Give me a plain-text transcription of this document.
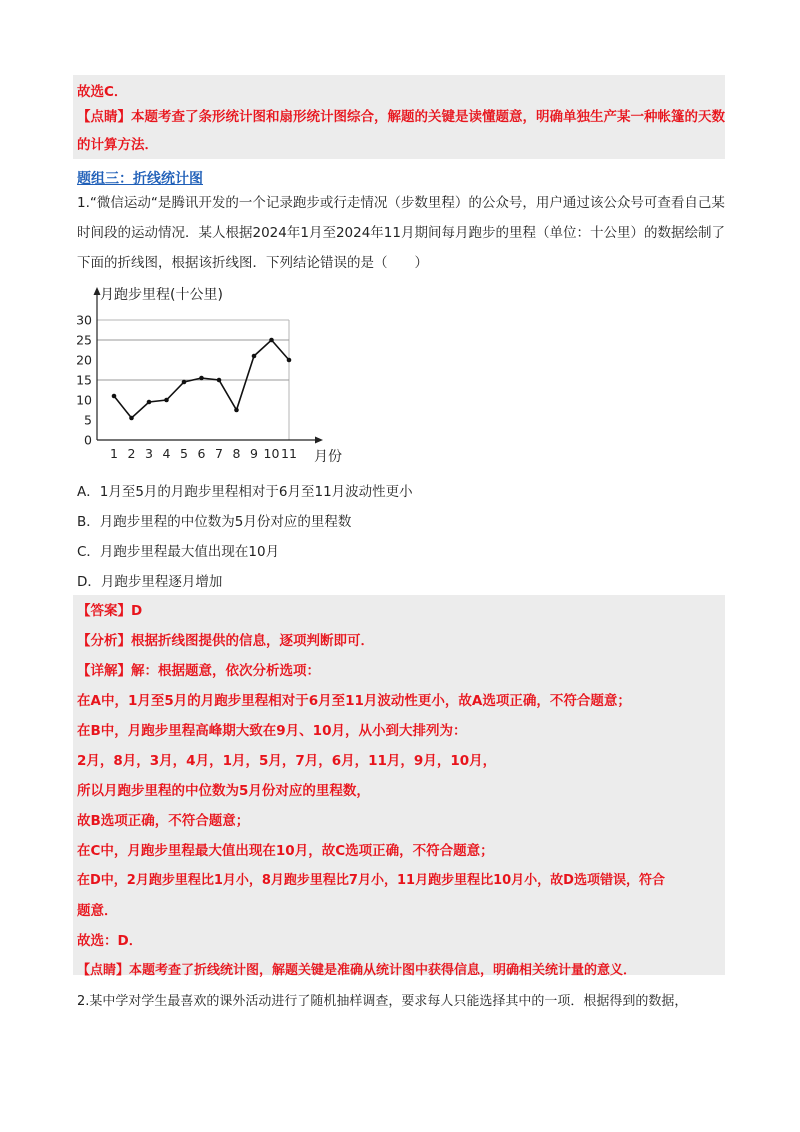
故选C．
【点睛】本题考查了条形统计图和扇形统计图综合，解题的关键是读懂题意，明确单独生产某一种帐篷的天数的计算方法．
题组三：折线统计图
1.“微信运动“是腾讯开发的一个记录跑步或行走情况（步数里程）的公众号，用户通过该公众号可查看自己某时间段的运动情况．某人根据2024年1月至2024年11月期间每月跑步的里程（单位：十公里）的数据绘制了下面的折线图，根据该折线图．下列结论错误的是（　　）
0
5
10
15
20
25
30
1 2 3 4 5 6 7 8 9 10 11
月跑步里程(十公里)
月份
A．1月至5月的月跑步里程相对于6月至11月波动性更小
B．月跑步里程的中位数为5月份对应的里程数
C．月跑步里程最大值出现在10月
D．月跑步里程逐月增加
【答案】D
【分析】根据折线图提供的信息，逐项判断即可．
【详解】解：根据题意，依次分析选项：
在A中，1月至5月的月跑步里程相对于6月至11月波动性更小，故A选项正确，不符合题意；
在B中，月跑步里程高峰期大致在9月、10月，从小到大排列为：
2月，8月，3月，4月，1月，5月，7月，6月，11月，9月，10月，
所以月跑步里程的中位数为5月份对应的里程数，
故B选项正确，不符合题意；
在C中，月跑步里程最大值出现在10月，故C选项正确，不符合题意；
在D中，2月跑步里程比1月小，8月跑步里程比7月小，11月跑步里程比10月小，故D选项错误，符合
题意．
故选：D．
【点睛】本题考查了折线统计图，解题关键是准确从统计图中获得信息，明确相关统计量的意义．
2.某中学对学生最喜欢的课外活动进行了随机抽样调查，要求每人只能选择其中的一项．根据得到的数据，
